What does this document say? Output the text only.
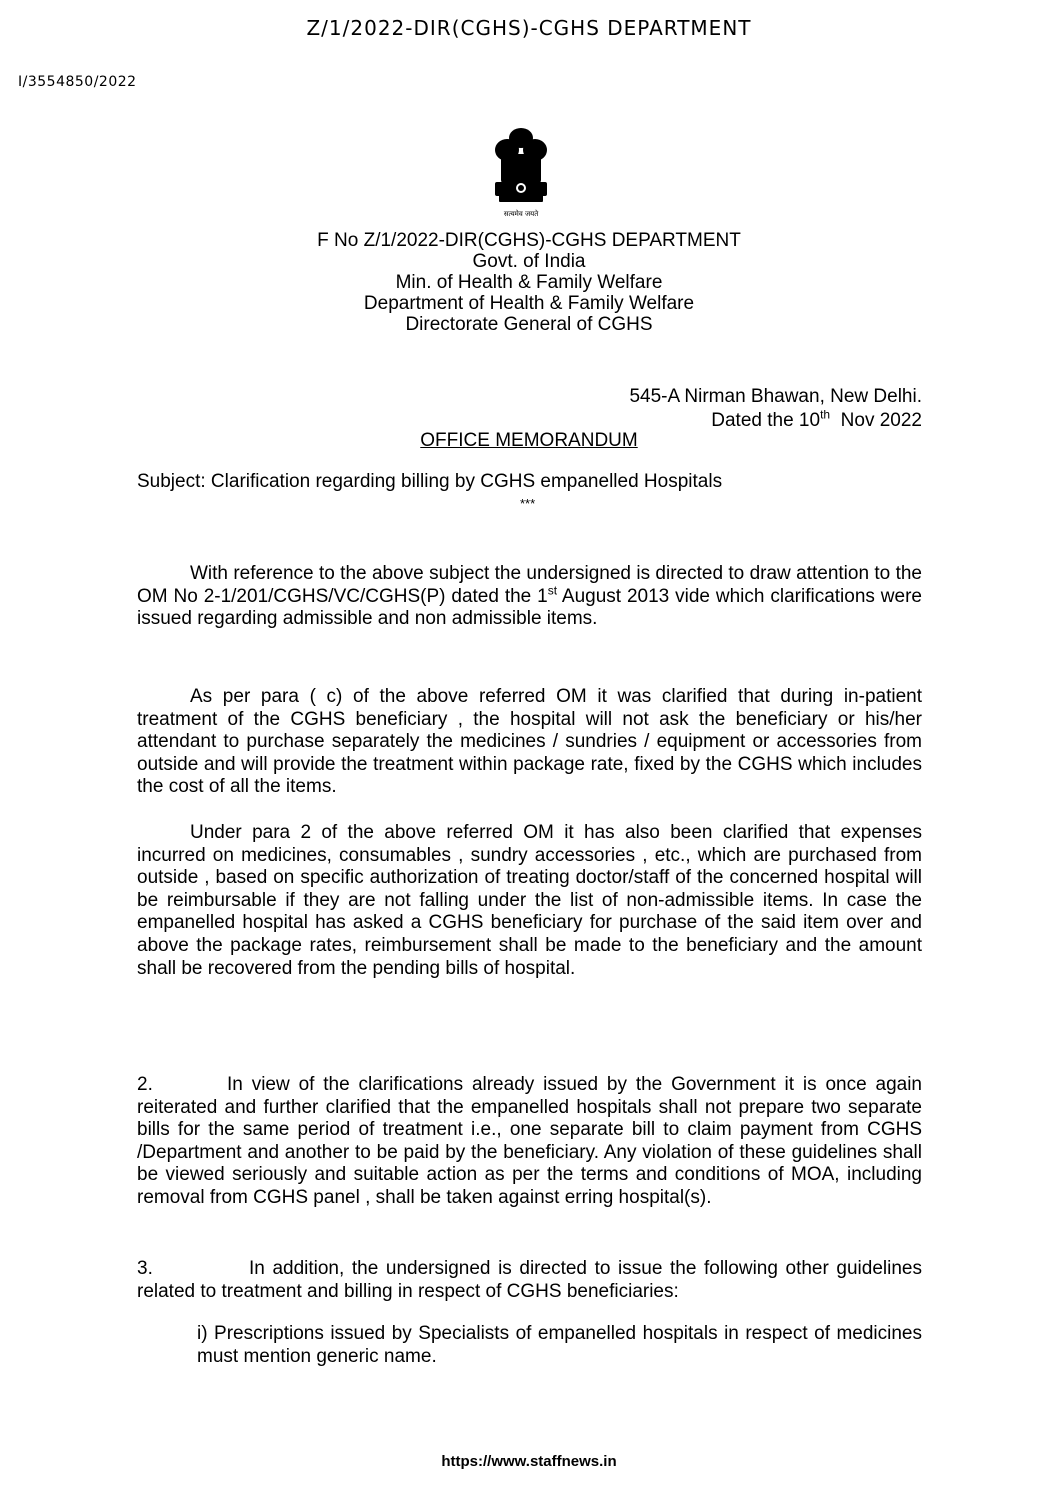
Z/1/2022-DIR(CGHS)-CGHS DEPARTMENT
I/3554850/2022
सत्यमेव जयते
F No Z/1/2022-DIR(CGHS)-CGHS DEPARTMENT
Govt. of India
Min. of Health & Family Welfare
Department of Health & Family Welfare
Directorate General of CGHS
545-A Nirman Bhawan, New Delhi.
Dated the 10th  Nov 2022
OFFICE MEMORANDUM
Subject: Clarification regarding billing by CGHS empanelled Hospitals
***
With reference to the above subject the undersigned is directed to draw attention to the OM No 2-1/201/CGHS/VC/CGHS(P) dated the 1st August 2013 vide which clarifications were issued regarding admissible and non admissible items.
As per para ( c) of the above referred OM it was clarified that during in-patient treatment of the CGHS beneficiary , the hospital will not ask the beneficiary or his/her attendant to purchase separately the medicines / sundries / equipment or accessories from outside and will provide the treatment within package rate, fixed by the CGHS which includes the cost of all the items.
Under para 2 of the above referred OM it has also been clarified that expenses incurred on medicines, consumables , sundry accessories , etc., which are purchased from outside , based on specific authorization of treating doctor/staff of the concerned hospital will be reimbursable if they are not falling under the list of non-admissible items. In case the empanelled hospital has asked a CGHS beneficiary for purchase of the said item over and above the package rates, reimbursement shall be made to the beneficiary and the amount shall be recovered from the pending bills of hospital.
2.	In view of the clarifications already issued by the Government it is once again reiterated and further clarified that the empanelled hospitals shall not prepare two separate bills for the same period of treatment i.e., one separate bill to claim payment from CGHS /Department and another to be paid by the beneficiary. Any violation of these guidelines shall be viewed seriously and suitable action as per the terms and conditions of MOA, including removal from CGHS panel , shall be taken against erring hospital(s).
3.	In addition, the undersigned is directed to issue the following other guidelines related to treatment and billing in respect of CGHS beneficiaries:
i) Prescriptions issued by Specialists of empanelled hospitals in respect of medicines must mention generic name.
https://www.staffnews.in
